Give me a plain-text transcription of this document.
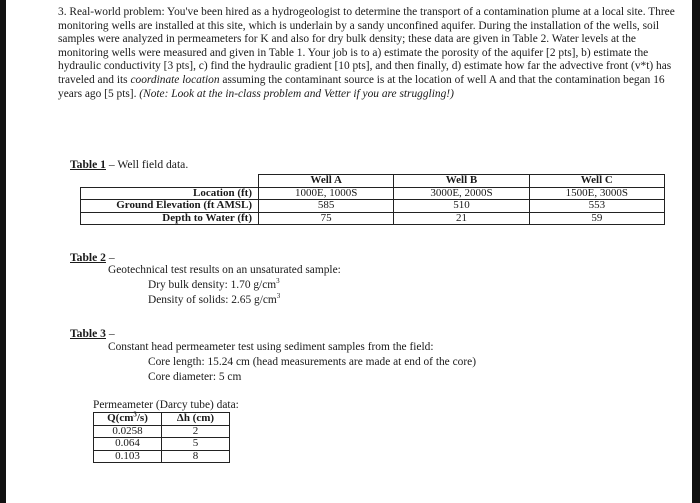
3. Real-world problem: You've been hired as a hydrogeologist to determine the transport of a contamination plume at a local site. Three monitoring wells are installed at this site, which is underlain by a sandy unconfined aquifer. During the installation of the wells, soil samples were analyzed in permeameters for K and also for dry bulk density; these data are given in Table 2. Water levels at the monitoring wells were measured and given in Table 1. Your job is to a) estimate the porosity of the aquifer [2 pts], b) estimate the hydraulic conductivity [3 pts], c) find the hydraulic gradient [10 pts], and then finally, d) estimate how far the advective front (v*t) has traveled and its coordinate location assuming the contaminant source is at the location of well A and that the contamination began 16 years ago [5 pts]. (Note: Look at the in-class problem and Vetter if you are struggling!)

Table 1 – Well field data.
	Well A	Well B	Well C
Location (ft)	1000E, 1000S	3000E, 2000S	1500E, 3000S
Ground Elevation (ft AMSL)	585	510	553
Depth to Water (ft)	75	21	59
Table 2 –
Geotechnical test results on an unsaturated sample:
Dry bulk density: 1.70 $g/cm^3$
Density of solids: 2.65 $g/cm^3$
Table 3 –
Constant head permeameter test using sediment samples from the field:
Core length: 15.24 cm (head measurements are made at end of the core)
Core diameter: 5 cm
Permeameter (Darcy tube) data:
$Q(cm^3/s)$	Δh (cm)
0.0258	2
0.064	5
0.103	8
